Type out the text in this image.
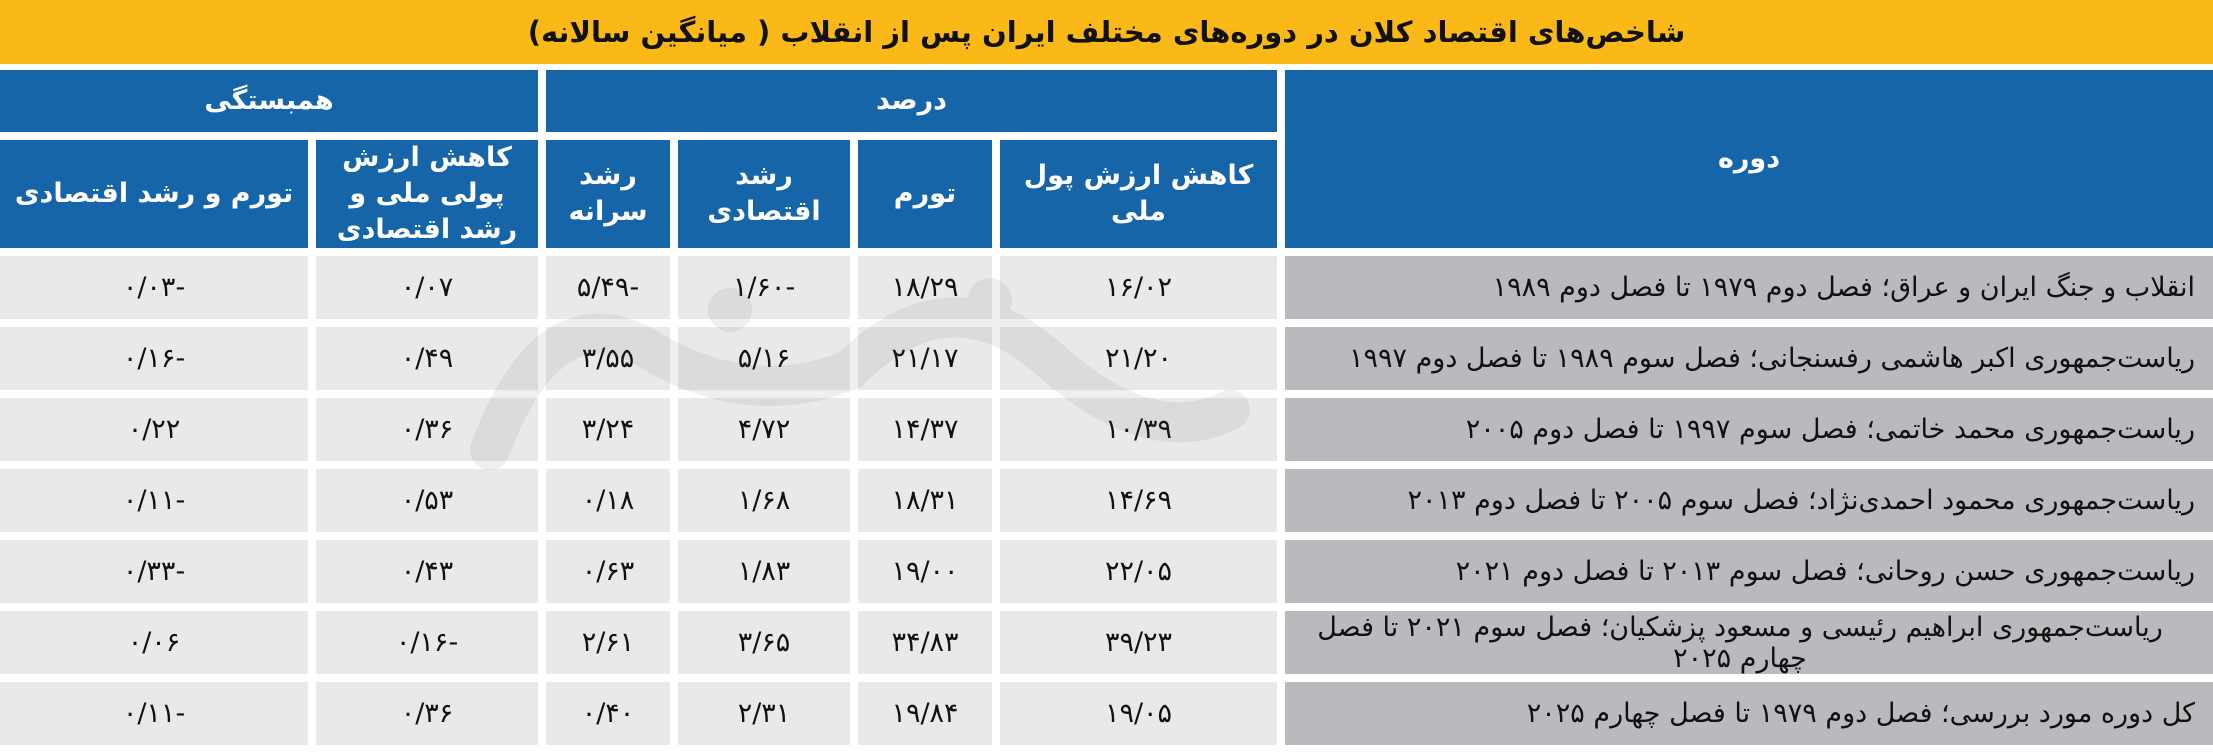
شاخص‌های اقتصاد کلان در دوره‌های مختلف ایران پس از انقلاب ( میانگین سالانه)
دوره
درصد
همبستگی
کاهش ارزش پول ملی
تورم
رشد اقتصادی
رشد سرانه
کاهش ارزش پولی ملی و رشد اقتصادی
تورم و رشد اقتصادی
انقلاب و جنگ ایران و عراق؛ فصل دوم ۱۹۷۹ تا فصل دوم ۱۹۸۹
۱۶/۰۲
۱۸/۲۹
-۱/۶۰
-۵/۴۹
۰/۰۷
-۰/۰۳
ریاست‌جمهوری اکبر هاشمی رفسنجانی؛ فصل سوم ۱۹۸۹ تا فصل دوم ۱۹۹۷
۲۱/۲۰
۲۱/۱۷
۵/۱۶
۳/۵۵
۰/۴۹
-۰/۱۶
ریاست‌جمهوری محمد خاتمی؛ فصل سوم ۱۹۹۷ تا فصل دوم ۲۰۰۵
۱۰/۳۹
۱۴/۳۷
۴/۷۲
۳/۲۴
۰/۳۶
۰/۲۲
ریاست‌جمهوری محمود احمدی‌نژاد؛ فصل سوم ۲۰۰۵ تا فصل دوم ۲۰۱۳
۱۴/۶۹
۱۸/۳۱
۱/۶۸
۰/۱۸
۰/۵۳
-۰/۱۱
ریاست‌جمهوری حسن روحانی؛ فصل سوم ۲۰۱۳ تا فصل دوم ۲۰۲۱
۲۲/۰۵
۱۹/۰۰
۱/۸۳
۰/۶۳
۰/۴۳
-۰/۳۳
ریاست‌جمهوری ابراهیم رئیسی و مسعود پزشکیان؛ فصل سوم ۲۰۲۱ تا فصل چهارم ۲۰۲۵
۳۹/۲۳
۳۴/۸۳
۳/۶۵
۲/۶۱
-۰/۱۶
۰/۰۶
کل دوره مورد بررسی؛ فصل دوم ۱۹۷۹ تا فصل چهارم ۲۰۲۵
۱۹/۰۵
۱۹/۸۴
۲/۳۱
۰/۴۰
۰/۳۶
-۰/۱۱
